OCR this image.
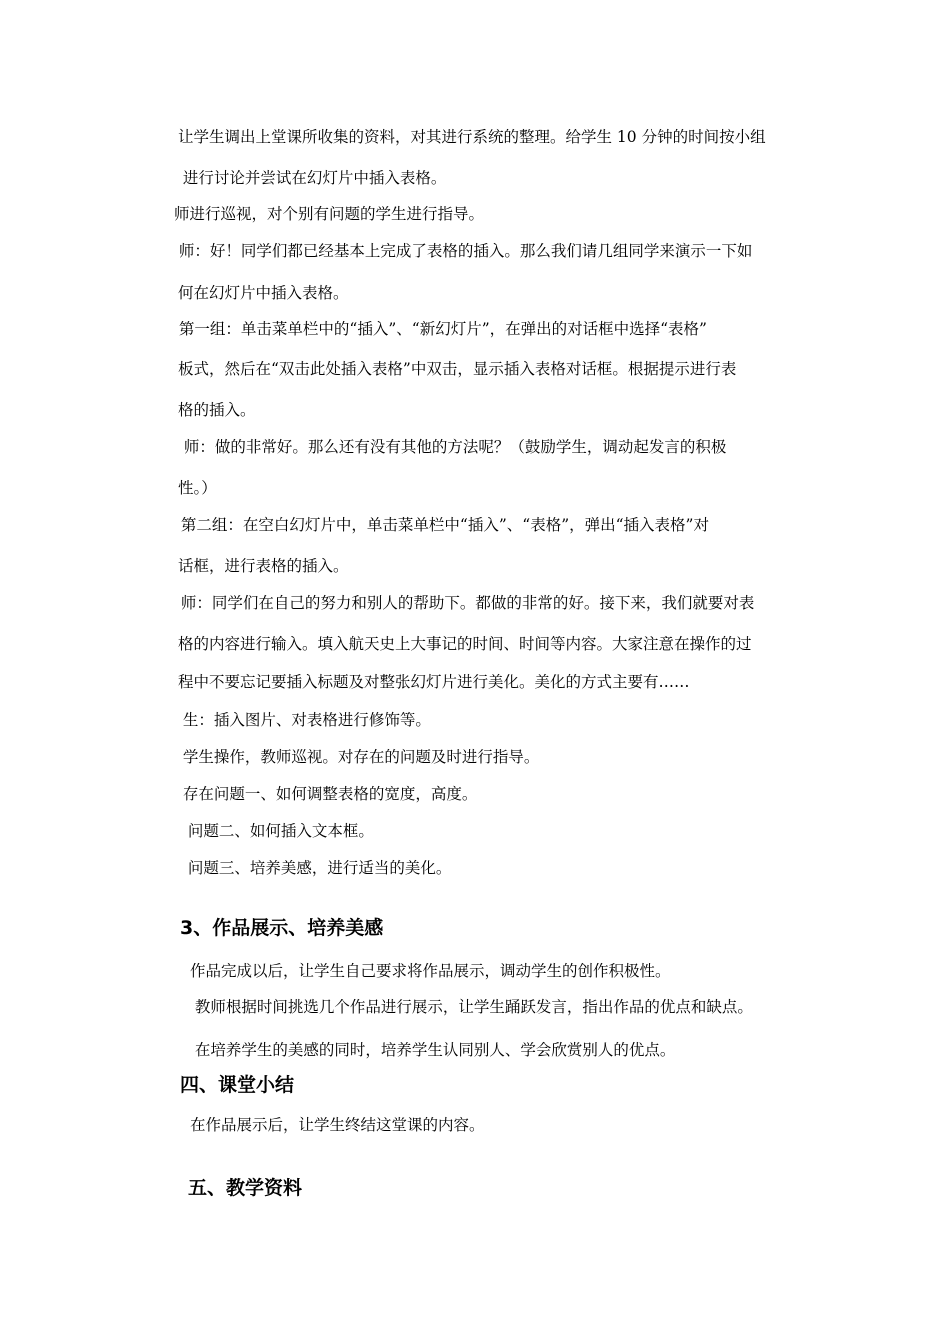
让学生调出上堂课所收集的资料，对其进行系统的整理。给学生 10 分钟的时间按小组

进行讨论并尝试在幻灯片中插入表格。

师进行巡视，对个别有问题的学生进行指导。

师：好！同学们都已经基本上完成了表格的插入。那么我们请几组同学来演示一下如

何在幻灯片中插入表格。

第一组：单击菜单栏中的“插入”、“新幻灯片”，在弹出的对话框中选择“表格”

板式，然后在“双击此处插入表格”中双击，显示插入表格对话框。根据提示进行表

格的插入。

师：做的非常好。那么还有没有其他的方法呢？（鼓励学生，调动起发言的积极

性。）

第二组：在空白幻灯片中，单击菜单栏中“插入”、“表格”，弹出“插入表格”对

话框，进行表格的插入。

师：同学们在自己的努力和别人的帮助下。都做的非常的好。接下来，我们就要对表

格的内容进行输入。填入航天史上大事记的时间、时间等内容。大家注意在操作的过

程中不要忘记要插入标题及对整张幻灯片进行美化。美化的方式主要有……

生：插入图片、对表格进行修饰等。

学生操作，教师巡视。对存在的问题及时进行指导。

存在问题一、如何调整表格的宽度，高度。

问题二、如何插入文本框。

问题三、培养美感，进行适当的美化。

3、作品展示、培养美感

作品完成以后，让学生自己要求将作品展示，调动学生的创作积极性。

教师根据时间挑选几个作品进行展示，让学生踊跃发言，指出作品的优点和缺点。

在培养学生的美感的同时，培养学生认同别人、学会欣赏别人的优点。

四、课堂小结

在作品展示后，让学生终结这堂课的内容。

五、教学资料
